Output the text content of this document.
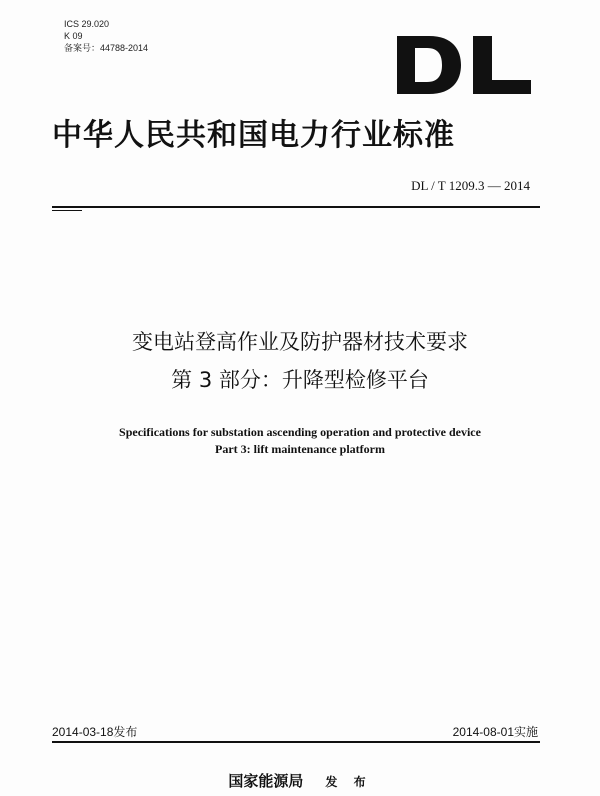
ICS 29.020
K 09
备案号：44788-2014
中华人民共和国电力行业标准
DL / T 1209.3 — 2014
变电站登高作业及防护器材技术要求
第 3 部分：升降型检修平台
Specifications for substation ascending operation and protective device
Part 3: lift maintenance platform
2014-03-18发布	2014-08-01实施
国家能源局 发 布
